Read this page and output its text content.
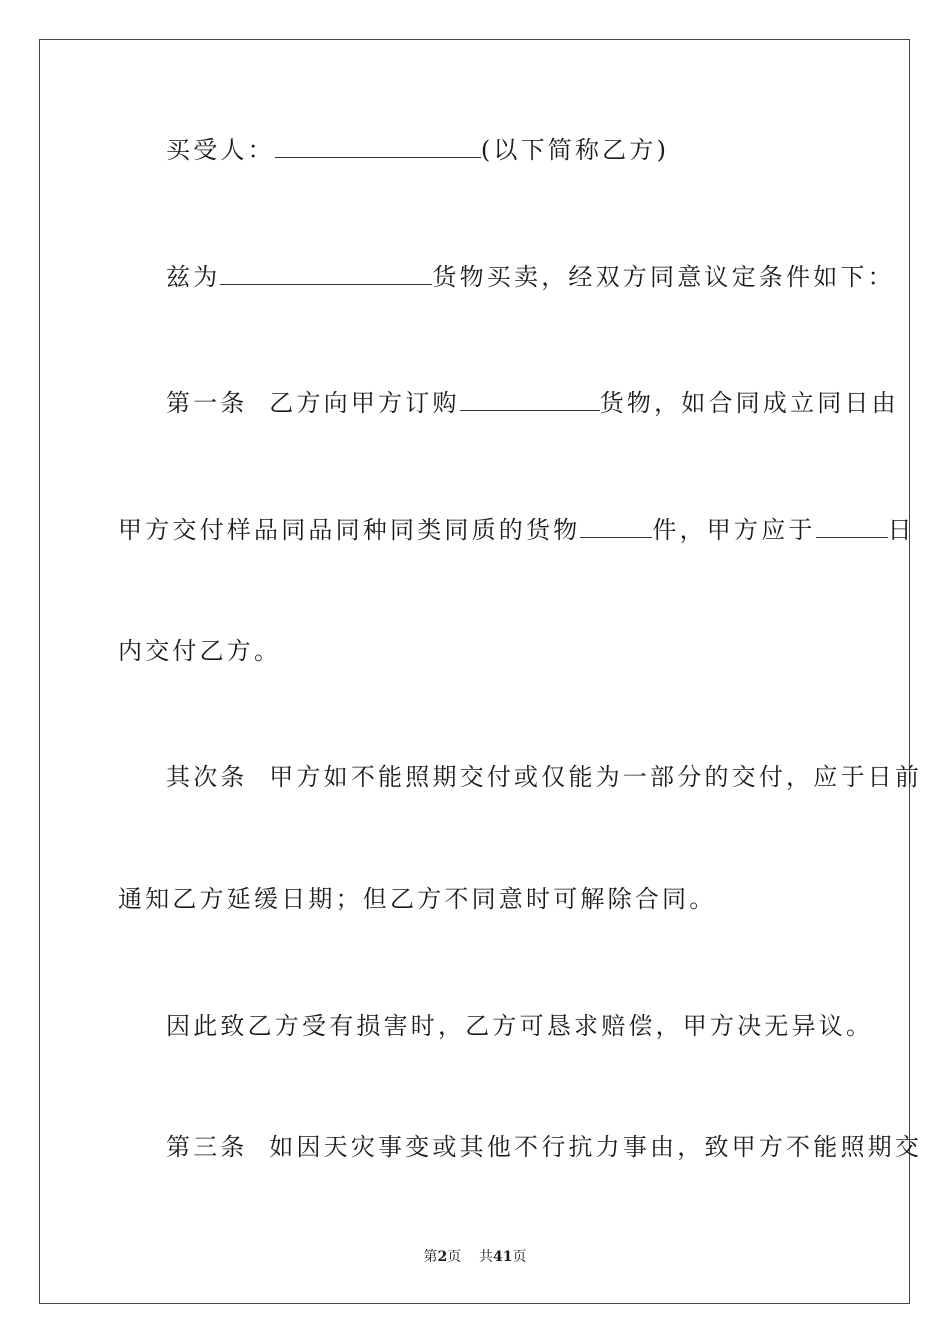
买受人：	(以下简称乙方)
兹为	货物买卖，经双方同意议定条件如下：
第一条  乙方向甲方订购	货物，如合同成立同日由
甲方交付样品同品同种同类同质的货物	件，甲方应于	日
内交付乙方。
其次条  甲方如不能照期交付或仅能为一部分的交付，应于日前
通知乙方延缓日期；但乙方不同意时可解除合同。
因此致乙方受有损害时，乙方可恳求赔偿，甲方决无异议。
第三条  如因天灾事变或其他不行抗力事由，致甲方不能照期交
第2页    共41页
